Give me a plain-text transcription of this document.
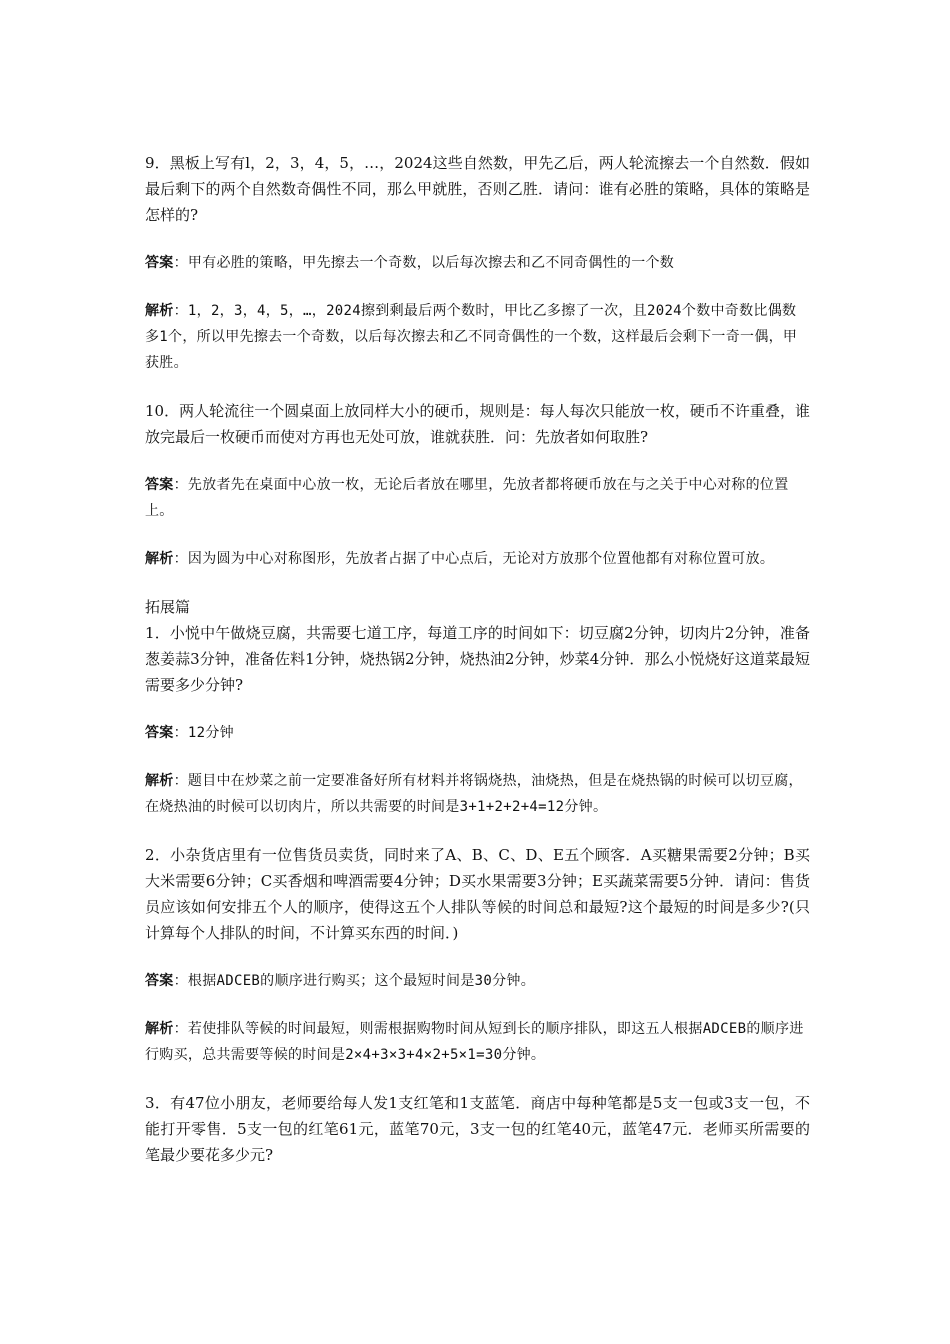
9．黑板上写有l，2，3，4，5，…，2024这些自然数，甲先乙后，两人轮流擦去一个自然数．假如最后剩下的两个自然数奇偶性不同，那么甲就胜，否则乙胜．请问：谁有必胜的策略，具体的策略是怎样的?

答案：甲有必胜的策略，甲先擦去一个奇数，以后每次擦去和乙不同奇偶性的一个数

解析：1，2，3，4，5，…，2024擦到剩最后两个数时，甲比乙多擦了一次，且2024个数中奇数比偶数多1个，所以甲先擦去一个奇数，以后每次擦去和乙不同奇偶性的一个数，这样最后会剩下一奇一偶，甲获胜。

10．两人轮流往一个圆桌面上放同样大小的硬币，规则是：每人每次只能放一枚，硬币不许重叠，谁放完最后一枚硬币而使对方再也无处可放，谁就获胜．问：先放者如何取胜?

答案：先放者先在桌面中心放一枚，无论后者放在哪里，先放者都将硬币放在与之关于中心对称的位置上。

解析：因为圆为中心对称图形，先放者占据了中心点后，无论对方放那个位置他都有对称位置可放。

拓展篇

1．小悦中午做烧豆腐，共需要七道工序，每道工序的时间如下：切豆腐2分钟，切肉片2分钟，准备葱姜蒜3分钟，准备佐料1分钟，烧热锅2分钟，烧热油2分钟，炒菜4分钟．那么小悦烧好这道菜最短需要多少分钟?

答案：12分钟

解析：题目中在炒菜之前一定要准备好所有材料并将锅烧热，油烧热，但是在烧热锅的时候可以切豆腐，在烧热油的时候可以切肉片，所以共需要的时间是3+1+2+2+4=12分钟。

2．小杂货店里有一位售货员卖货，同时来了A、B、C、D、E五个顾客．A买糖果需要2分钟；B买大米需要6分钟；C买香烟和啤酒需要4分钟；D买水果需要3分钟；E买蔬菜需要5分钟．请问：售货员应该如何安排五个人的顺序，使得这五个人排队等候的时间总和最短?这个最短的时间是多少?(只计算每个人排队的时间，不计算买东西的时间．)

答案：根据ADCEB的顺序进行购买；这个最短时间是30分钟。

解析：若使排队等候的时间最短，则需根据购物时间从短到长的顺序排队，即这五人根据ADCEB的顺序进行购买，总共需要等候的时间是2×4+3×3+4×2+5×1=30分钟。

3．有47位小朋友，老师要给每人发1支红笔和1支蓝笔．商店中每种笔都是5支一包或3支一包，不能打开零售．5支一包的红笔61元，蓝笔70元，3支一包的红笔40元，蓝笔47元．老师买所需要的笔最少要花多少元?
